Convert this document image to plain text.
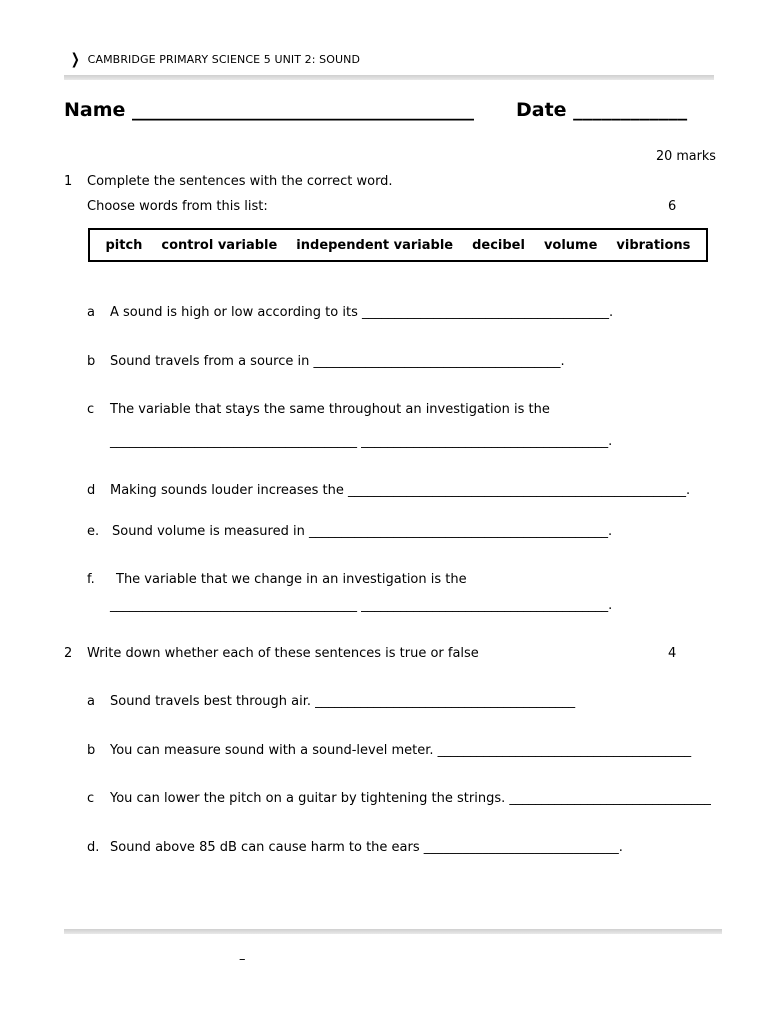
❯ CAMBRIDGE PRIMARY SCIENCE 5 UNIT 2: SOUND
Name ____________________________________ Date ____________
20 marks
1 Complete the sentences with the correct word.
Choose words from this list:	6
pitch control variable independent variable decibel volume vibrations
a A sound is high or low according to its ______________________________________.
b Sound travels from a source in ______________________________________.
c The variable that stays the same throughout an investigation is the
______________________________________ ______________________________________.
d Making sounds louder increases the ____________________________________________________.
e. Sound volume is measured in ______________________________________________.
f. The variable that we change in an investigation is the
______________________________________ ______________________________________.
2 Write down whether each of these sentences is true or false	4
a Sound travels best through air. ________________________________________
b You can measure sound with a sound-level meter. _______________________________________
c You can lower the pitch on a guitar by tightening the strings. _______________________________
d. Sound above 85 dB can cause harm to the ears ______________________________.
–
